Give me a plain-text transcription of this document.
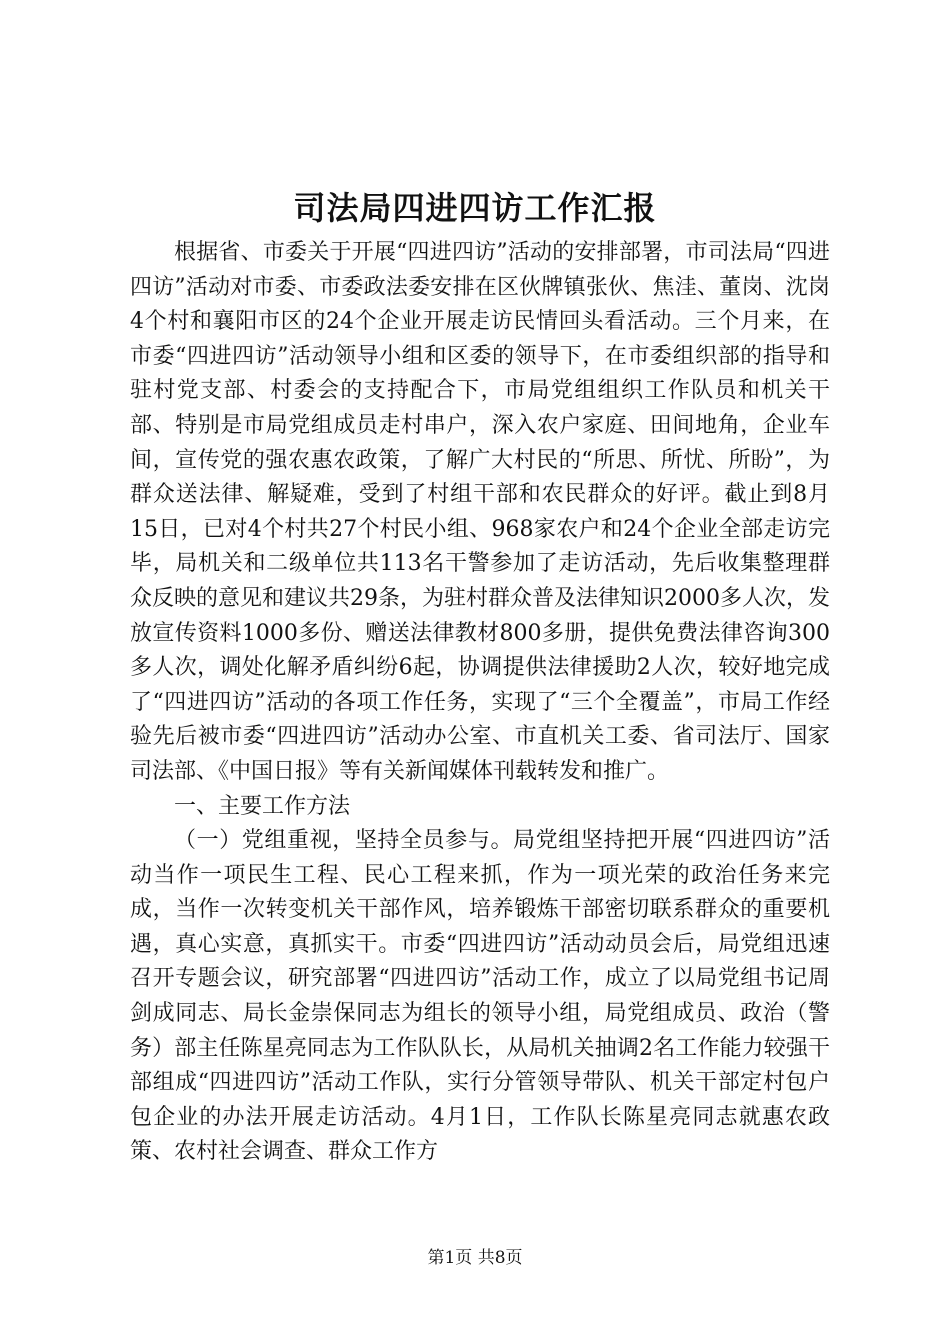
司法局四进四访工作汇报

根据省、市委关于开展“四进四访”活动的安排部署，市司法局“四进四访”活动对市委、市委政法委安排在区伙牌镇张伙、焦洼、董岗、沈岗4个村和襄阳市区的24个企业开展走访民情回头看活动。三个月来，在市委“四进四访”活动领导小组和区委的领导下，在市委组织部的指导和驻村党支部、村委会的支持配合下，市局党组组织工作队员和机关干部、特别是市局党组成员走村串户，深入农户家庭、田间地角，企业车间，宣传党的强农惠农政策，了解广大村民的“所思、所忧、所盼”，为群众送法律、解疑难，受到了村组干部和农民群众的好评。截止到8月15日，已对4个村共27个村民小组、968家农户和24个企业全部走访完毕，局机关和二级单位共113名干警参加了走访活动，先后收集整理群众反映的意见和建议共29条，为驻村群众普及法律知识2000多人次，发放宣传资料1000多份、赠送法律教材800多册，提供免费法律咨询300多人次，调处化解矛盾纠纷6起，协调提供法律援助2人次，较好地完成了“四进四访”活动的各项工作任务，实现了“三个全覆盖”，市局工作经验先后被市委“四进四访”活动办公室、市直机关工委、省司法厅、国家司法部、《中国日报》等有关新闻媒体刊载转发和推广。

一、主要工作方法

（一）党组重视，坚持全员参与。局党组坚持把开展“四进四访”活动当作一项民生工程、民心工程来抓，作为一项光荣的政治任务来完成，当作一次转变机关干部作风，培养锻炼干部密切联系群众的重要机遇，真心实意，真抓实干。市委“四进四访”活动动员会后，局党组迅速召开专题会议，研究部署“四进四访”活动工作，成立了以局党组书记周剑成同志、局长金崇保同志为组长的领导小组，局党组成员、政治（警务）部主任陈星亮同志为工作队队长，从局机关抽调2名工作能力较强干部组成“四进四访”活动工作队，实行分管领导带队、机关干部定村包户包企业的办法开展走访活动。4月1日，工作队长陈星亮同志就惠农政策、农村社会调查、群众工作方

第1页 共8页
